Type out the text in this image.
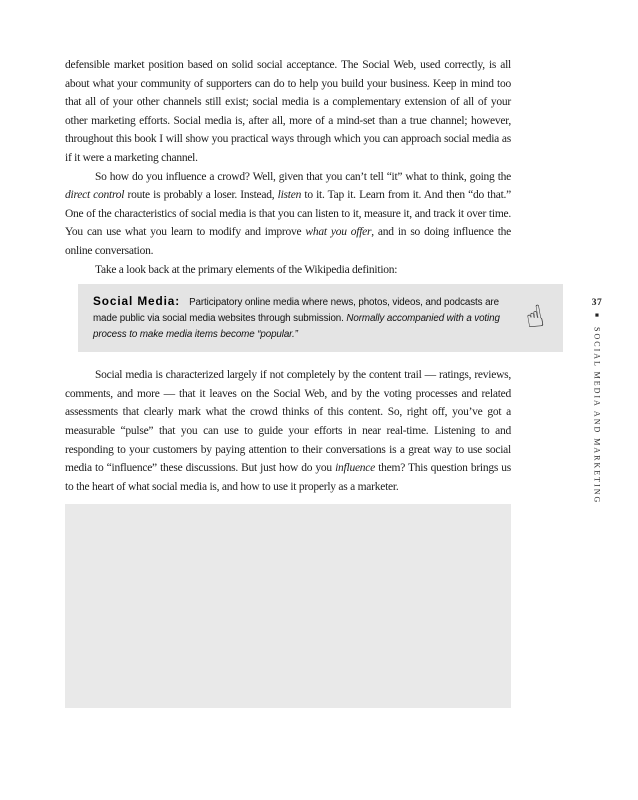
defensible market position based on solid social acceptance. The Social Web, used correctly, is all about what your community of supporters can do to help you build your business. Keep in mind too that all of your other channels still exist; social media is a complementary extension of all of your other marketing efforts. Social media is, after all, more of a mind-set than a true channel; however, throughout this book I will show you practical ways through which you can approach social media as if it were a marketing channel.

So how do you influence a crowd? Well, given that you can’t tell “it” what to think, going the direct control route is probably a loser. Instead, listen to it. Tap it. Learn from it. And then “do that.” One of the characteristics of social media is that you can listen to it, measure it, and track it over time. You can use what you learn to modify and improve what you offer, and in so doing influence the online conversation.

Take a look back at the primary elements of the Wikipedia definition:

Social Media: Participatory online media where news, photos, videos, and podcasts are made public via social media websites through submission. Normally accompanied with a voting process to make media items become “popular.”	☝

Social media is characterized largely if not completely by the content trail — ratings, reviews, comments, and more — that it leaves on the Social Web, and by the voting processes and related assessments that clearly mark what the crowd thinks of this content. So, right off, you’ve got a measurable “pulse” that you can use to guide your efforts in near real-time. Listening to and responding to your customers by paying attention to their conversations is a great way to use social media to “influence” these discussions. But just how do you influence them? This question brings us to the heart of what social media is, and how to use it properly as a marketer.

37
■
SOCIAL MEDIA AND MARKETING
